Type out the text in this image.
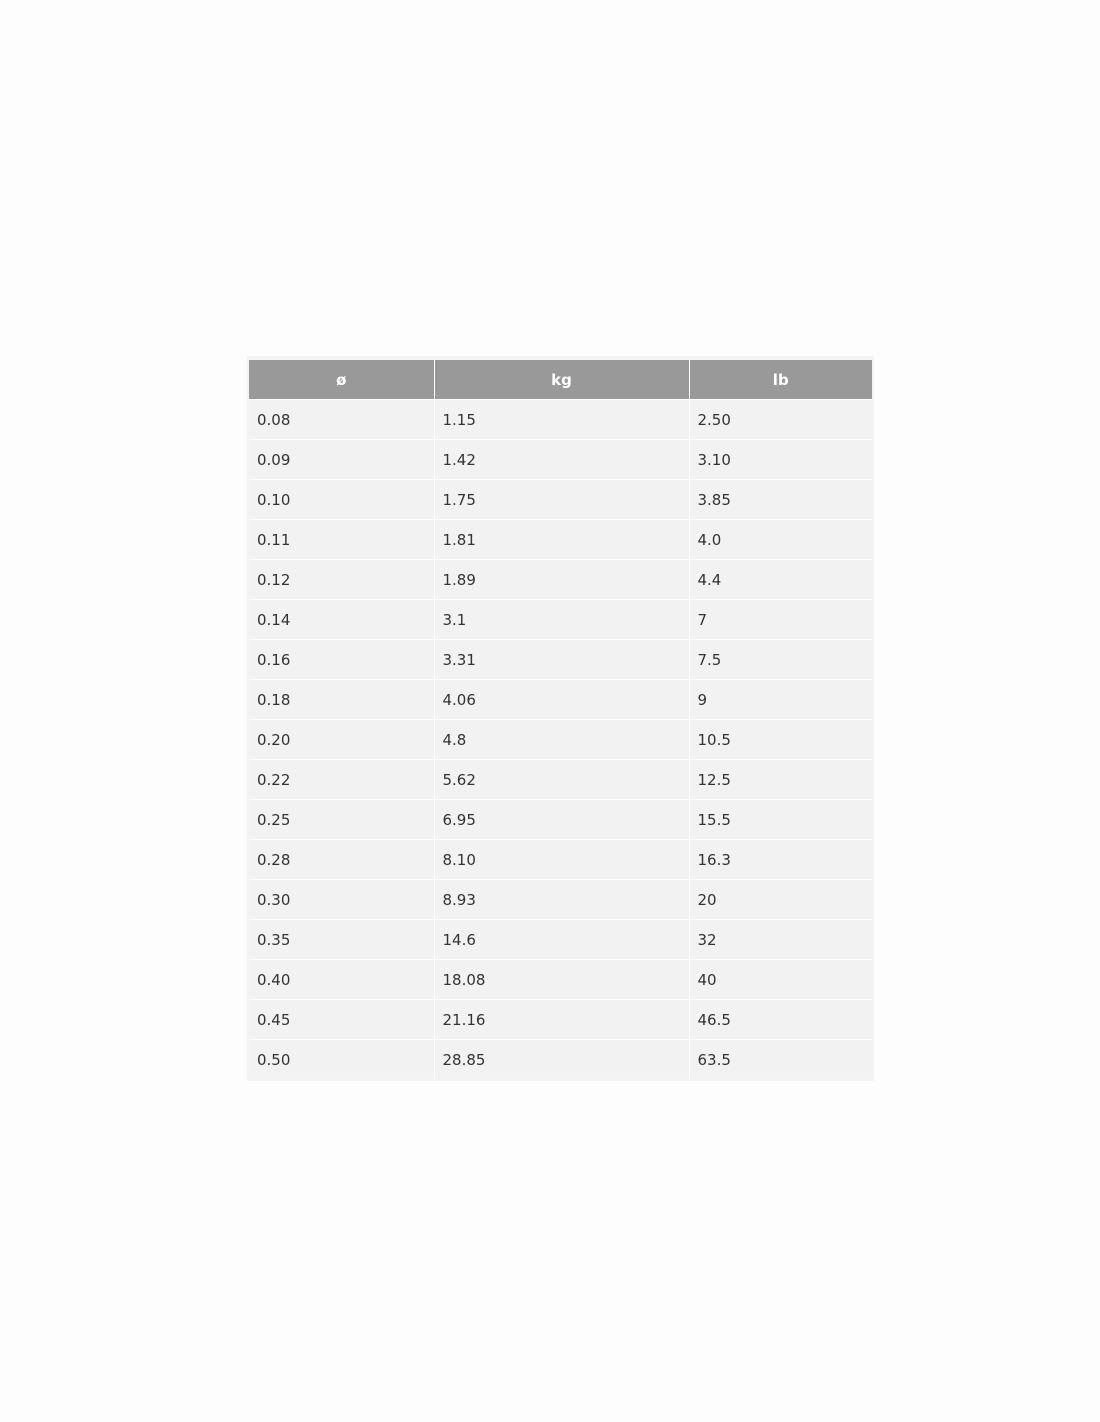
ø	kg	lb
0.08	1.15	2.50
0.09	1.42	3.10
0.10	1.75	3.85
0.11	1.81	4.0
0.12	1.89	4.4
0.14	3.1	7
0.16	3.31	7.5
0.18	4.06	9
0.20	4.8	10.5
0.22	5.62	12.5
0.25	6.95	15.5
0.28	8.10	16.3
0.30	8.93	20
0.35	14.6	32
0.40	18.08	40
0.45	21.16	46.5
0.50	28.85	63.5
